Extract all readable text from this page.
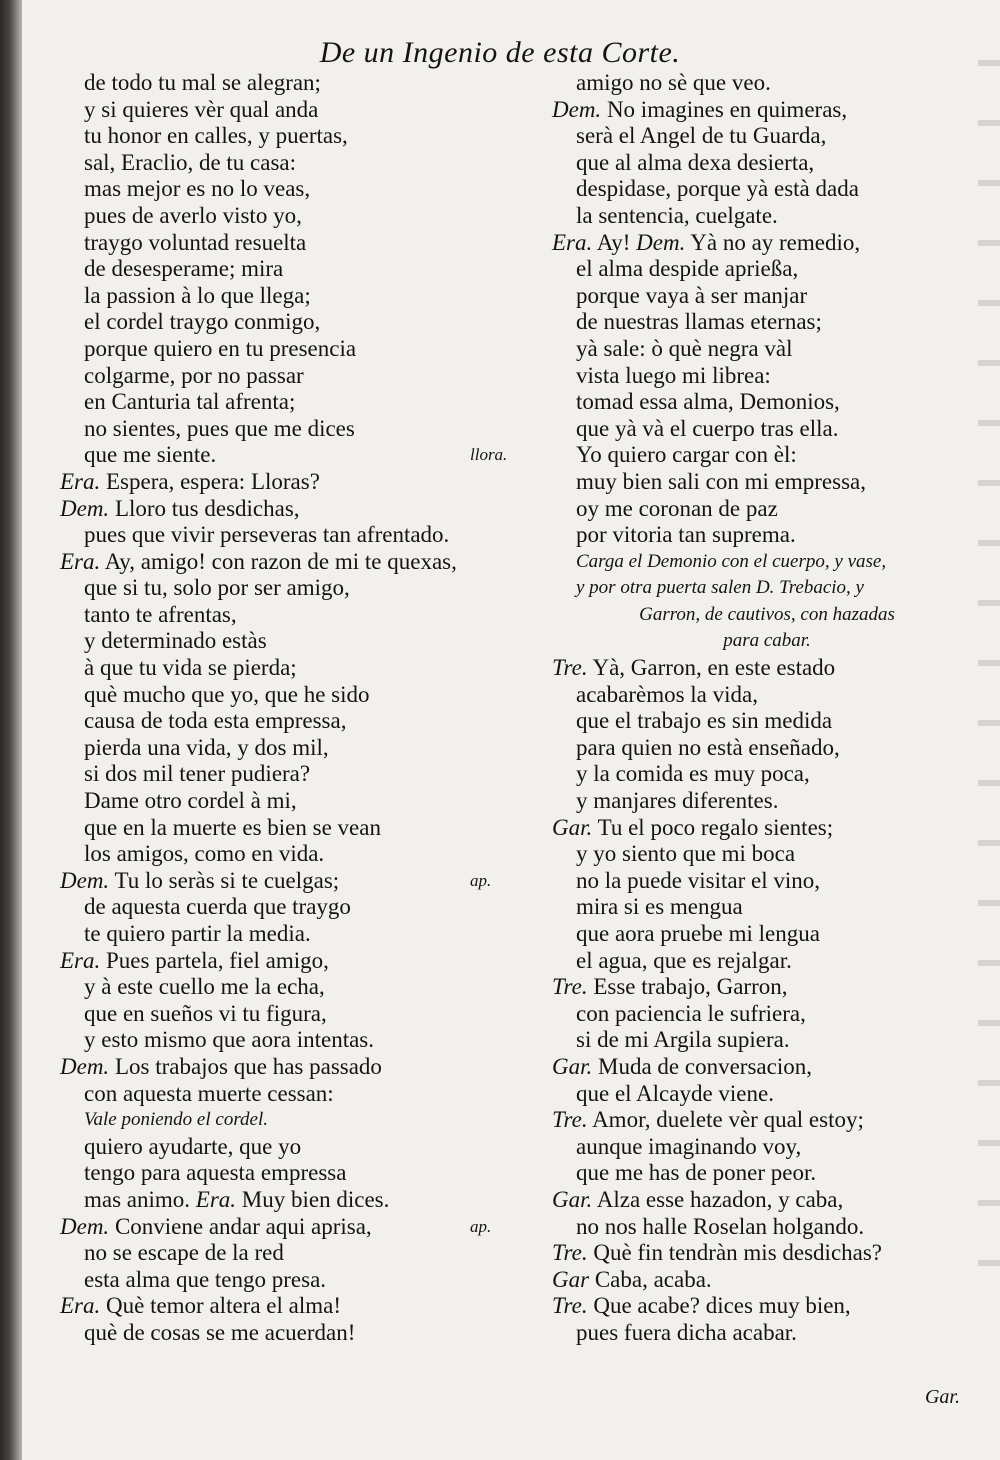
De un Ingenio de esta Corte.
de todo tu mal se alegran;
y si quieres vèr qual anda
tu honor en calles, y puertas,
sal, Eraclio, de tu casa:
mas mejor es no lo veas,
pues de averlo visto yo,
traygo voluntad resuelta
de desesperame; mira
la passion à lo que llega;
el cordel traygo conmigo,
porque quiero en tu presencia
colgarme, por no passar
en Canturia tal afrenta;
no sientes, pues que me dices
que me siente.	llora.
Era. Espera, espera: Lloras?
Dem. Lloro tus desdichas,
pues que vivir perseveras tan afrentado.
Era. Ay, amigo! con razon de mi te quexas,
que si tu, solo por ser amigo,
tanto te afrentas,
y determinado estàs
à que tu vida se pierda;
què mucho que yo, que he sido
causa de toda esta empressa,
pierda una vida, y dos mil,
si dos mil tener pudiera?
Dame otro cordel à mi,
que en la muerte es bien se vean
los amigos, como en vida.
Dem. Tu lo seràs si te cuelgas;	ap.
de aquesta cuerda que traygo
te quiero partir la media.
Era. Pues partela, fiel amigo,
y à este cuello me la echa,
que en sueños vi tu figura,
y esto mismo que aora intentas.
Dem. Los trabajos que has passado
con aquesta muerte cessan:
Vale poniendo el cordel.
quiero ayudarte, que yo
tengo para aquesta empressa
mas animo. Era. Muy bien dices.
Dem. Conviene andar aqui aprisa,	ap.
no se escape de la red
esta alma que tengo presa.
Era. Què temor altera el alma!
què de cosas se me acuerdan!
amigo no sè que veo.
Dem. No imagines en quimeras,
serà el Angel de tu Guarda,
que al alma dexa desierta,
despidase, porque yà està dada
la sentencia, cuelgate.
Era. Ay! Dem. Yà no ay remedio,
el alma despide aprießa,
porque vaya à ser manjar
de nuestras llamas eternas;
yà sale: ò què negra vàl
vista luego mi librea:
tomad essa alma, Demonios,
que yà và el cuerpo tras ella.
Yo quiero cargar con èl:
muy bien sali con mi empressa,
oy me coronan de paz
por vitoria tan suprema.
Carga el Demonio con el cuerpo, y vase,
y por otra puerta salen D. Trebacio, y
Garron, de cautivos, con hazadas
para cabar.
Tre. Yà, Garron, en este estado
acabarèmos la vida,
que el trabajo es sin medida
para quien no està enseñado,
y la comida es muy poca,
y manjares diferentes.
Gar. Tu el poco regalo sientes;
y yo siento que mi boca
no la puede visitar el vino,
mira si es mengua
que aora pruebe mi lengua
el agua, que es rejalgar.
Tre. Esse trabajo, Garron,
con paciencia le sufriera,
si de mi Argila supiera.
Gar. Muda de conversacion,
que el Alcayde viene.
Tre. Amor, duelete vèr qual estoy;
aunque imaginando voy,
que me has de poner peor.
Gar. Alza esse hazadon, y caba,
no nos halle Roselan holgando.
Tre. Què fin tendràn mis desdichas?
Gar Caba, acaba.
Tre. Que acabe? dices muy bien,
pues fuera dicha acabar.
Gar.
